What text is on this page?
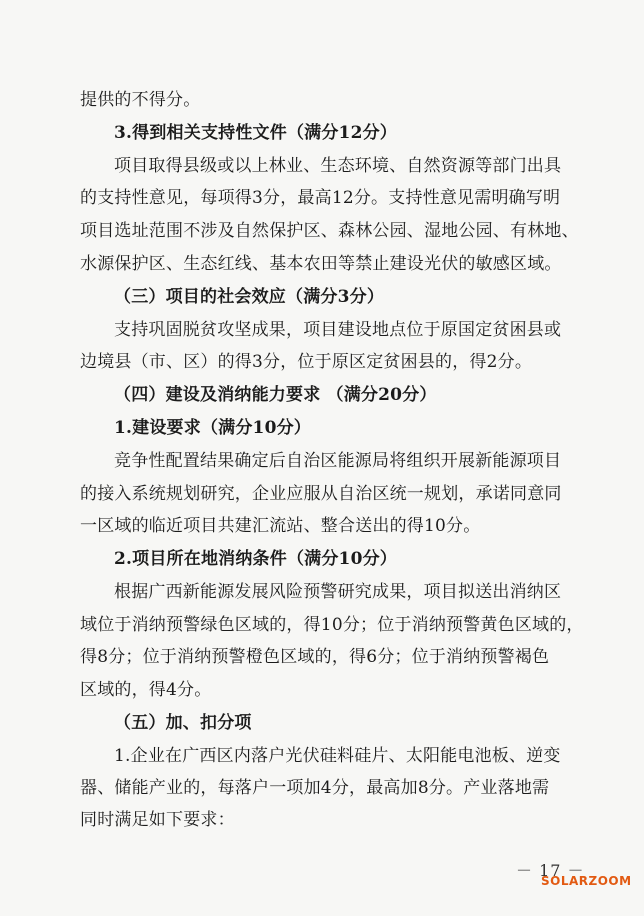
提供的不得分。
3.得到相关支持性文件（满分12分）
项目取得县级或以上林业、生态环境、自然资源等部门出具
的支持性意见，每项得3分，最高12分。支持性意见需明确写明
项目选址范围不涉及自然保护区、森林公园、湿地公园、有林地、
水源保护区、生态红线、基本农田等禁止建设光伏的敏感区域。
（三）项目的社会效应（满分3分）
支持巩固脱贫攻坚成果，项目建设地点位于原国定贫困县或
边境县（市、区）的得3分，位于原区定贫困县的，得2分。
（四）建设及消纳能力要求 （满分20分）
1.建设要求（满分10分）
竞争性配置结果确定后自治区能源局将组织开展新能源项目
的接入系统规划研究，企业应服从自治区统一规划，承诺同意同
一区域的临近项目共建汇流站、整合送出的得10分。
2.项目所在地消纳条件（满分10分）
根据广西新能源发展风险预警研究成果，项目拟送出消纳区
域位于消纳预警绿色区域的，得10分；位于消纳预警黄色区域的，
得8分；位于消纳预警橙色区域的，得6分；位于消纳预警褐色
区域的，得4分。
（五）加、扣分项
1.企业在广西区内落户光伏硅料硅片、太阳能电池板、逆变
器、储能产业的，每落户一项加4分，最高加8分。产业落地需
同时满足如下要求：
－ 17 －
SOLARZOOM
